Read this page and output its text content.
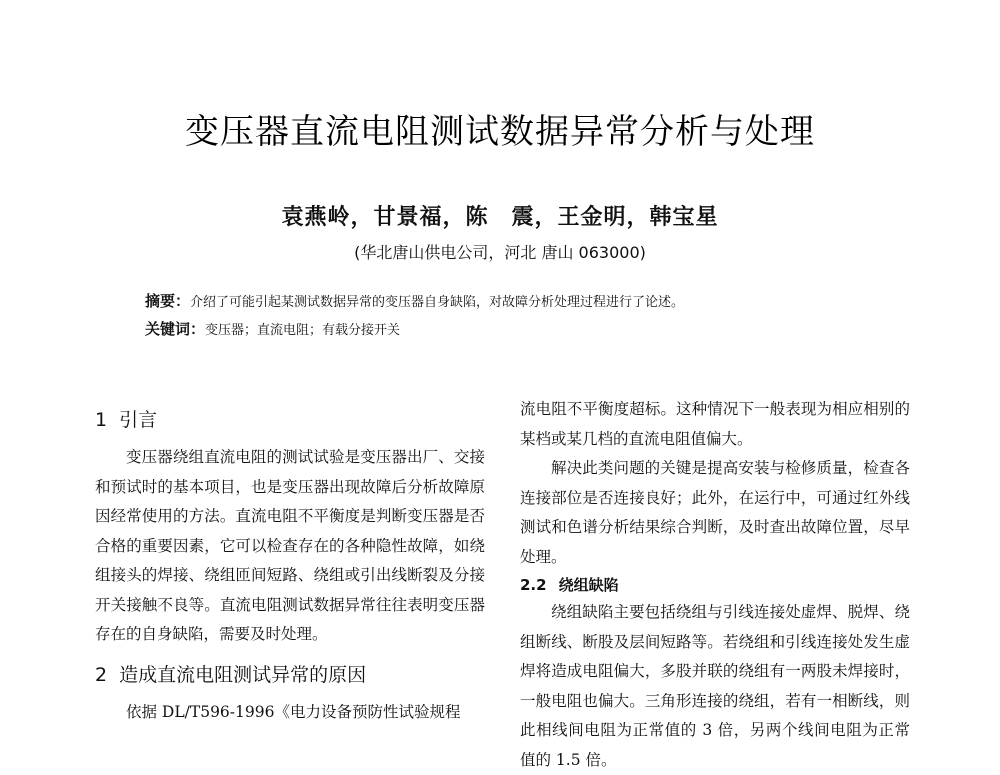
变压器直流电阻测试数据异常分析与处理
袁燕岭，甘景福，陈　震，王金明，韩宝星
(华北唐山供电公司，河北 唐山 063000)
摘要：介绍了可能引起某测试数据异常的变压器自身缺陷，对故障分析处理过程进行了论述。
关键词：变压器；直流电阻；有载分接开关
1 引言

变压器绕组直流电阻的测试试验是变压器出厂、交接和预试时的基本项目，也是变压器出现故障后分析故障原因经常使用的方法。直流电阻不平衡度是判断变压器是否合格的重要因素，它可以检查存在的各种隐性故障，如绕组接头的焊接、绕组匝间短路、绕组或引出线断裂及分接开关接触不良等。直流电阻测试数据异常往往表明变压器存在的自身缺陷，需要及时处理。

2 造成直流电阻测试异常的原因

依据 DL/T596-1996《电力设备预防性试验规程

流电阻不平衡度超标。这种情况下一般表现为相应相别的某档或某几档的直流电阻值偏大。

解决此类问题的关键是提高安装与检修质量，检查各连接部位是否连接良好；此外，在运行中，可通过红外线测试和色谱分析结果综合判断，及时查出故障位置，尽早处理。

2.2 绕组缺陷

绕组缺陷主要包括绕组与引线连接处虚焊、脱焊、绕组断线、断股及层间短路等。若绕组和引线连接处发生虚焊将造成电阻偏大，多股并联的绕组有一两股未焊接时，一般电阻也偏大。三角形连接的绕组，若有一相断线，则此相线间电阻为正常值的 3 倍，另两个线间电阻为正常值的 1.5 倍。
